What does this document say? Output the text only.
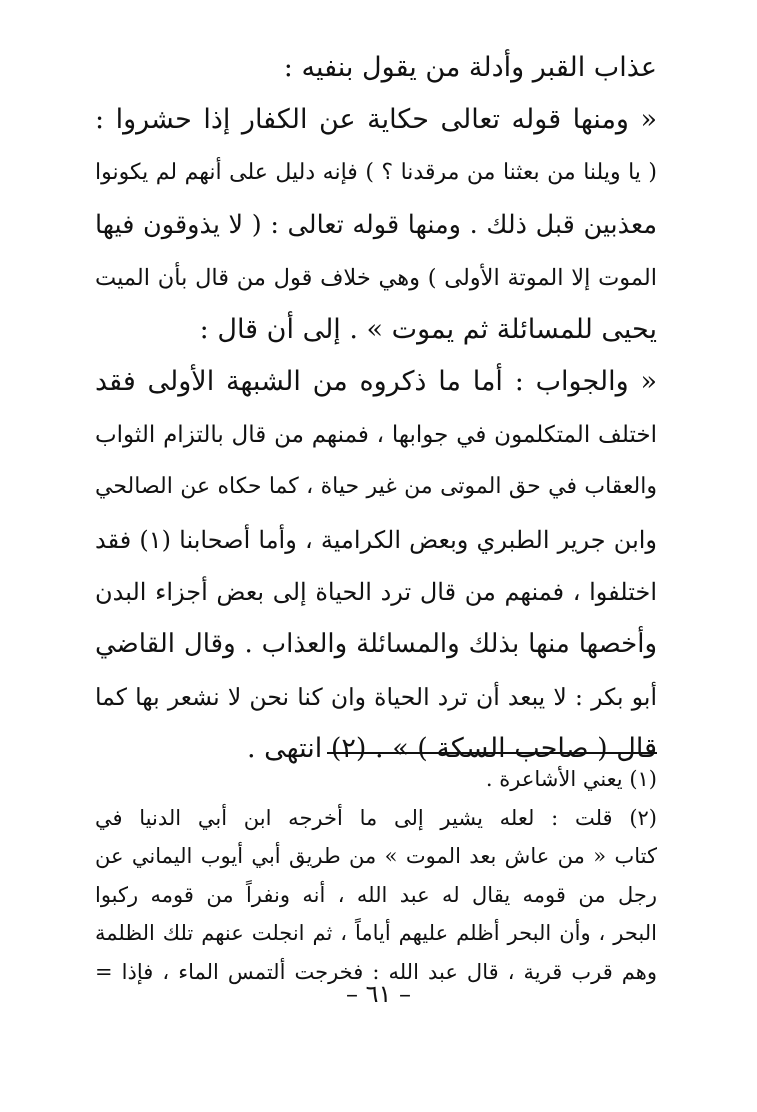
عذاب القبر وأدلة من يقول بنفيه :
« ومنها قوله تعالى حكاية عن الكفار إذا حشروا :
( يا ويلنا من بعثنا من مرقدنا ؟ ) فإنه دليل على أنهم لم يكونوا
معذبين قبل ذلك . ومنها قوله تعالى : ( لا يذوقون فيها
الموت إلا الموتة الأولى ) وهي خلاف قول من قال بأن الميت
يحيى للمسائلة ثم يموت » . إلى أن قال :
« والجواب : أما ما ذكروه من الشبهة الأولى فقد
اختلف المتكلمون في جوابها ، فمنهم من قال بالتزام الثواب
والعقاب في حق الموتى من غير حياة ، كما حكاه عن الصالحي
وابن جرير الطبري وبعض الكرامية ، وأما أصحابنا (١) فقد
اختلفوا ، فمنهم من قال ترد الحياة إلى بعض أجزاء البدن
وأخصها منها بذلك والمسائلة والعذاب . وقال القاضي
أبو بكر : لا يبعد أن ترد الحياة وان كنا نحن لا نشعر بها كما
قال ( صاحب السكة ) » . (٢) انتهى .
(١) يعني الأشاعرة .
(٢) قلت : لعله يشير إلى ما أخرجه ابن أبي الدنيا في
كتاب « من عاش بعد الموت » من طريق أبي أيوب اليماني عن
رجل من قومه يقال له عبد الله ، أنه ونفراً من قومه ركبوا
البحر ، وأن البحر أظلم عليهم أياماً ، ثم انجلت عنهم تلك الظلمة
وهم قرب قرية ، قال عبد الله : فخرجت ألتمس الماء ، فإذا =
– ٦١ –
